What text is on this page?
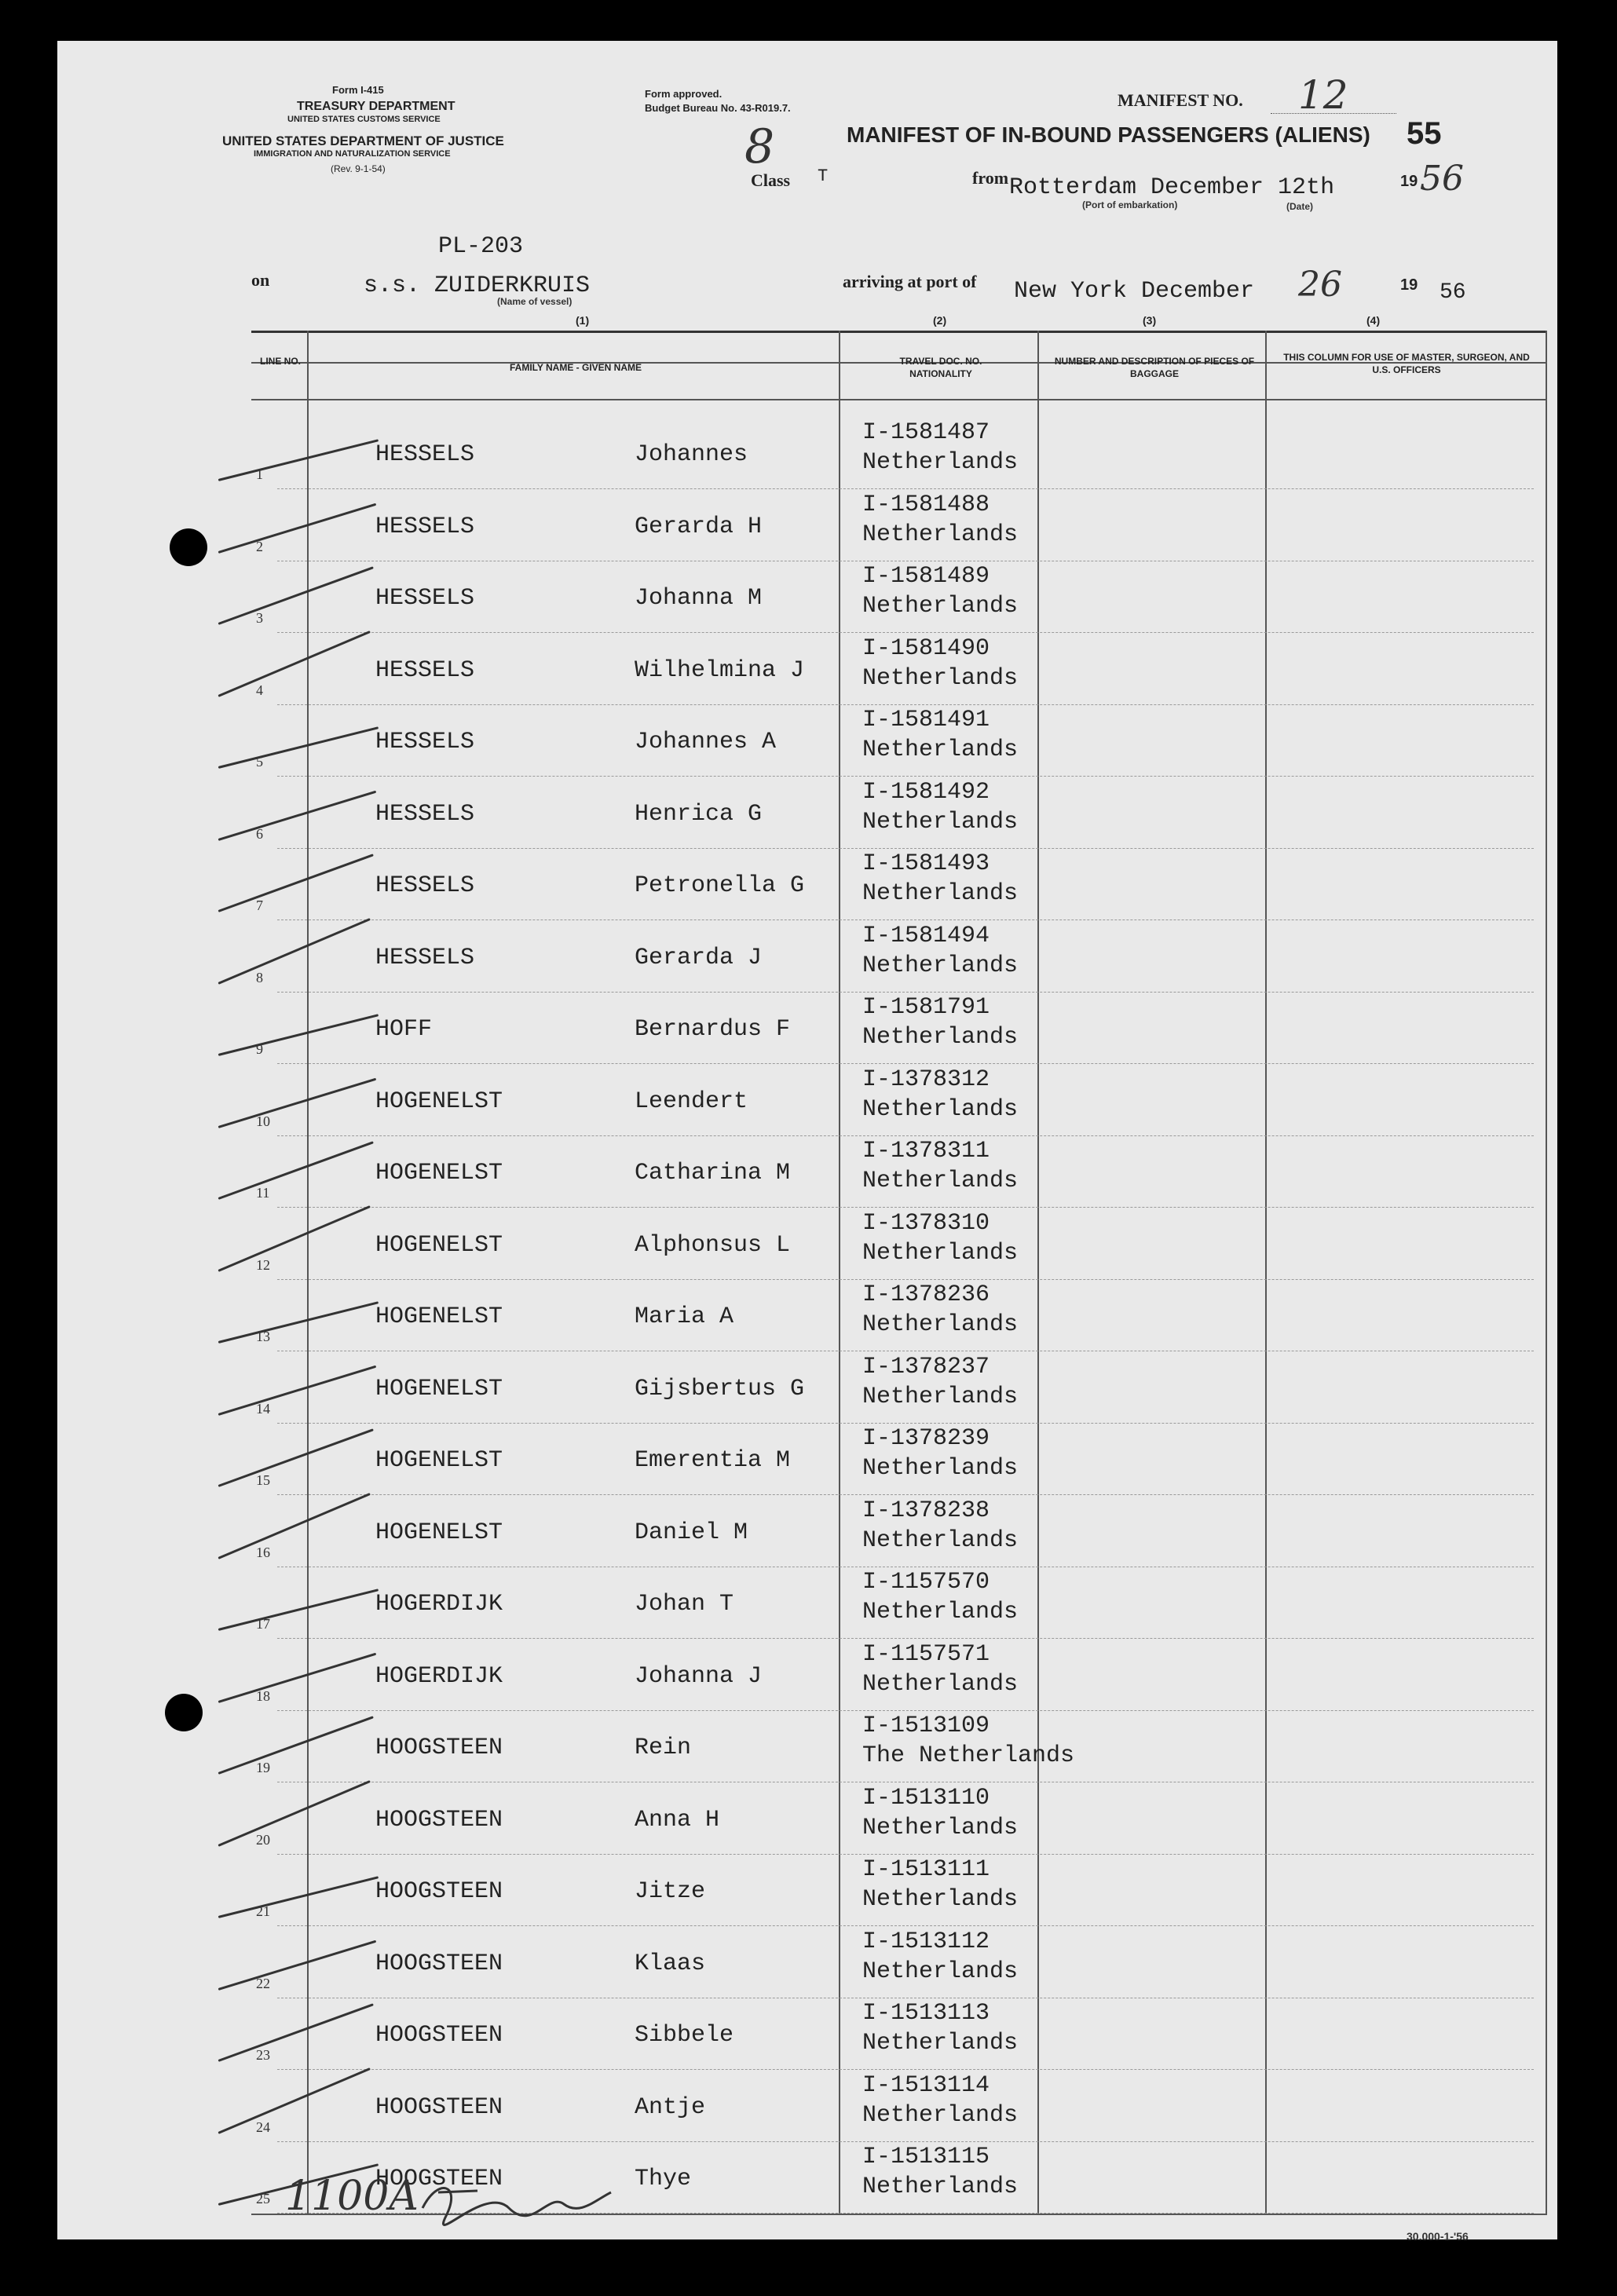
Form I-415
TREASURY DEPARTMENT
UNITED STATES CUSTOMS SERVICE
UNITED STATES DEPARTMENT OF JUSTICE
IMMIGRATION AND NATURALIZATION SERVICE
(Rev. 9-1-54)
Form approved.
Budget Bureau No. 43-R019.7.	MANIFEST NO. 12
MANIFEST OF IN-BOUND PASSENGERS (ALIENS) 55
8
Class T	from Rotterdam December 12th
(Port of embarkation)	(Date)
19 56
PL-203
on	s.s. ZUIDERKRUIS
(Name of vessel)
arriving at port of New York December 26	19 56
(1)	(2)	(3)	(4)
LINE NO.
FAMILY NAME - GIVEN NAME
TRAVEL DOC. NO. NATIONALITY
NUMBER AND DESCRIPTION OF PIECES OF BAGGAGE
THIS COLUMN FOR USE OF MASTER, SURGEON, AND U.S. OFFICERS
1
HESSELS	Johannes
I-1581487
Netherlands
2
HESSELS	Gerarda H
I-1581488
Netherlands
3
HESSELS	Johanna M
I-1581489
Netherlands
4
HESSELS	Wilhelmina J
I-1581490
Netherlands
5
HESSELS	Johannes A
I-1581491
Netherlands
6
HESSELS	Henrica G
I-1581492
Netherlands
7
HESSELS	Petronella G
I-1581493
Netherlands
8
HESSELS	Gerarda J
I-1581494
Netherlands
9
HOFF	Bernardus F
I-1581791
Netherlands
10
HOGENELST	Leendert
I-1378312
Netherlands
11
HOGENELST	Catharina M
I-1378311
Netherlands
12
HOGENELST	Alphonsus L
I-1378310
Netherlands
13
HOGENELST	Maria A
I-1378236
Netherlands
14
HOGENELST	Gijsbertus G
I-1378237
Netherlands
15
HOGENELST	Emerentia M
I-1378239
Netherlands
16
HOGENELST	Daniel M
I-1378238
Netherlands
17
HOGERDIJK	Johan T
I-1157570
Netherlands
18
HOGERDIJK	Johanna J
I-1157571
Netherlands
19
HOOGSTEEN	Rein
I-1513109
The Netherlands
20
HOOGSTEEN	Anna H
I-1513110
Netherlands
21
HOOGSTEEN	Jitze
I-1513111
Netherlands
22
HOOGSTEEN	Klaas
I-1513112
Netherlands
23
HOOGSTEEN	Sibbele
I-1513113
Netherlands
24
HOOGSTEEN	Antje
I-1513114
Netherlands
25
HOOGSTEEN	Thye
I-1513115
Netherlands
1100A
30.000-1-'56
